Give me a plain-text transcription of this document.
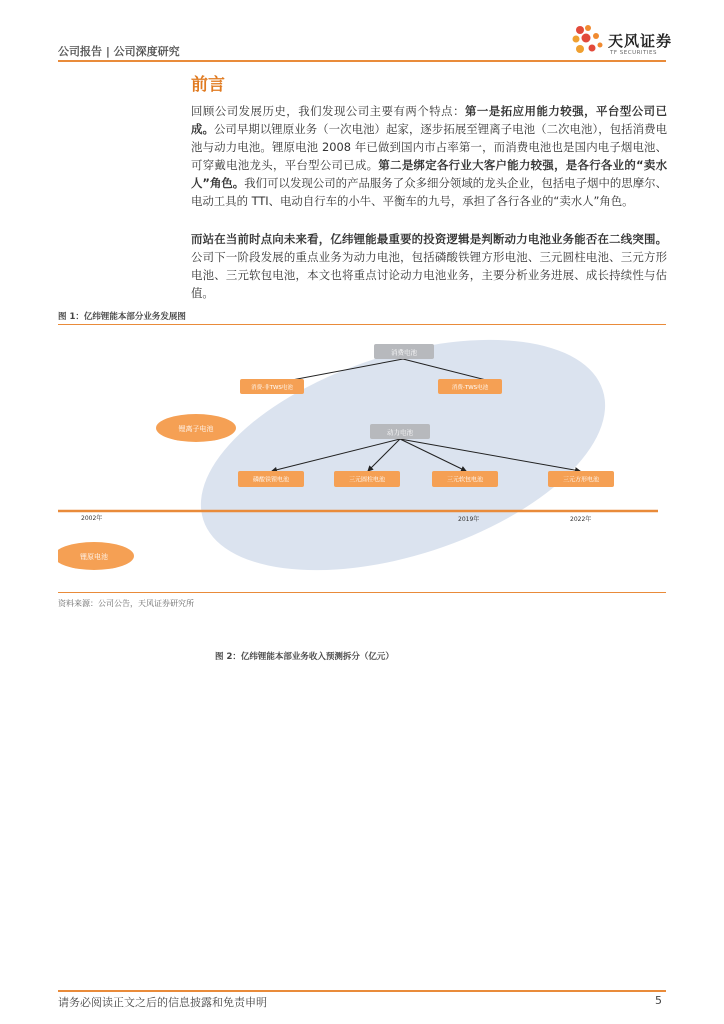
公司报告 | 公司深度研究
天风证券
TF SECURITIES
前言
回顾公司发展历史，我们发现公司主要有两个特点：第一是拓应用能力较强，平台型公司已成。公司早期以锂原业务（一次电池）起家，逐步拓展至锂离子电池（二次电池），包括消费电池与动力电池。锂原电池 2008 年已做到国内市占率第一，而消费电池也是国内电子烟电池、可穿戴电池龙头，平台型公司已成。第二是绑定各行业大客户能力较强，是各行各业的“卖水人”角色。我们可以发现公司的产品服务了众多细分领域的龙头企业，包括电子烟中的思摩尔、电动工具的 TTI、电动自行车的小牛、平衡车的九号，承担了各行各业的“卖水人”角色。
而站在当前时点向未来看，亿纬锂能最重要的投资逻辑是判断动力电池业务能否在二线突围。公司下一阶段发展的重点业务为动力电池，包括磷酸铁锂方形电池、三元圆柱电池、三元方形电池、三元软包电池，本文也将重点讨论动力电池业务，主要分析业务进展、成长持续性与估值。
图 1：亿纬锂能本部分业务发展图
2002年	2019年	2022年
消费电池
消费-非TWS电池	消费-TWS电池
锂离子电池	动力电池
磷酸铁锂电池	三元圆柱电池	三元软包电池	三元方形电池
锂原电池
资料来源：公司公告，天风证券研究所
图 2：亿纬锂能本部业务收入预测拆分（亿元）
请务必阅读正文之后的信息披露和免责申明	5
